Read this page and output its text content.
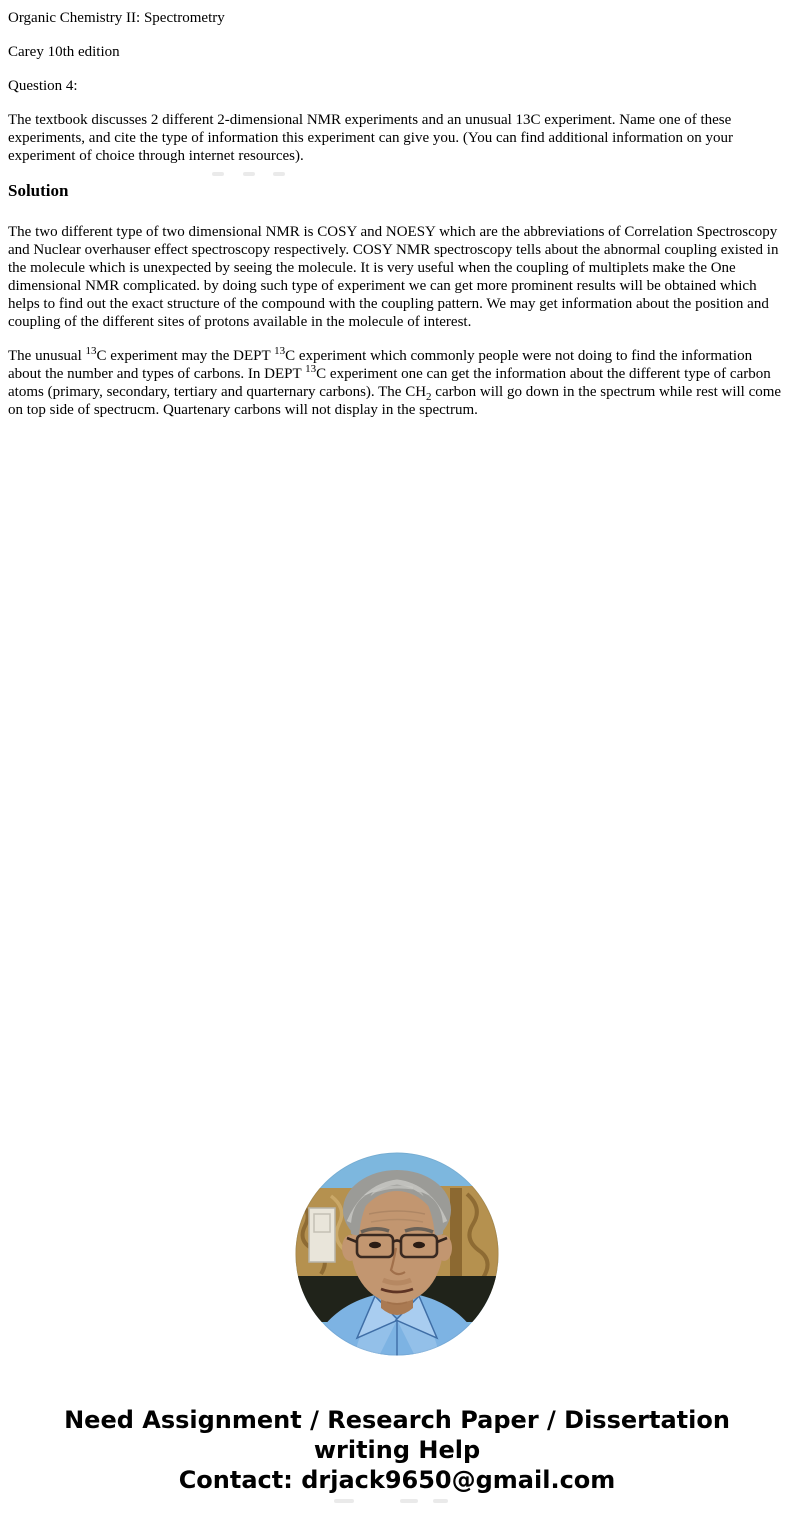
Organic Chemistry II: Spectrometry

Carey 10th edition

Question 4:

The textbook discusses 2 different 2-dimensional NMR experiments and an unusual 13C experiment. Name one of these experiments, and cite the type of information this experiment can give you. (You can find additional information on your experiment of choice through internet resources).

Solution

The two different type of two dimensional NMR is COSY and NOESY which are the abbreviations of Correlation Spectroscopy and Nuclear overhauser effect spectroscopy respectively. COSY NMR spectroscopy tells about the abnormal coupling existed in the molecule which is unexpected by seeing the molecule. It is very useful when the coupling of multiplets make the One dimensional NMR complicated. by doing such type of experiment we can get more prominent results will be obtained which helps to find out the exact structure of the compound with the coupling pattern. We may get information about the position and coupling of the different sites of protons available in the molecule of interest.

The unusual $^{13}$C experiment may the DEPT $^{13}$C experiment which commonly people were not doing to find the information about the number and types of carbons. In DEPT $^{13}$C experiment one can get the information about the different type of carbon atoms (primary, secondary, tertiary and quarternary carbons). The $CH_2$ carbon will go down in the spectrum while rest will come on top side of spectrucm. Quartenary carbons will not display in the spectrum.

Need Assignment / Research Paper / Dissertation
writing Help
Contact: drjack9650@gmail.com
